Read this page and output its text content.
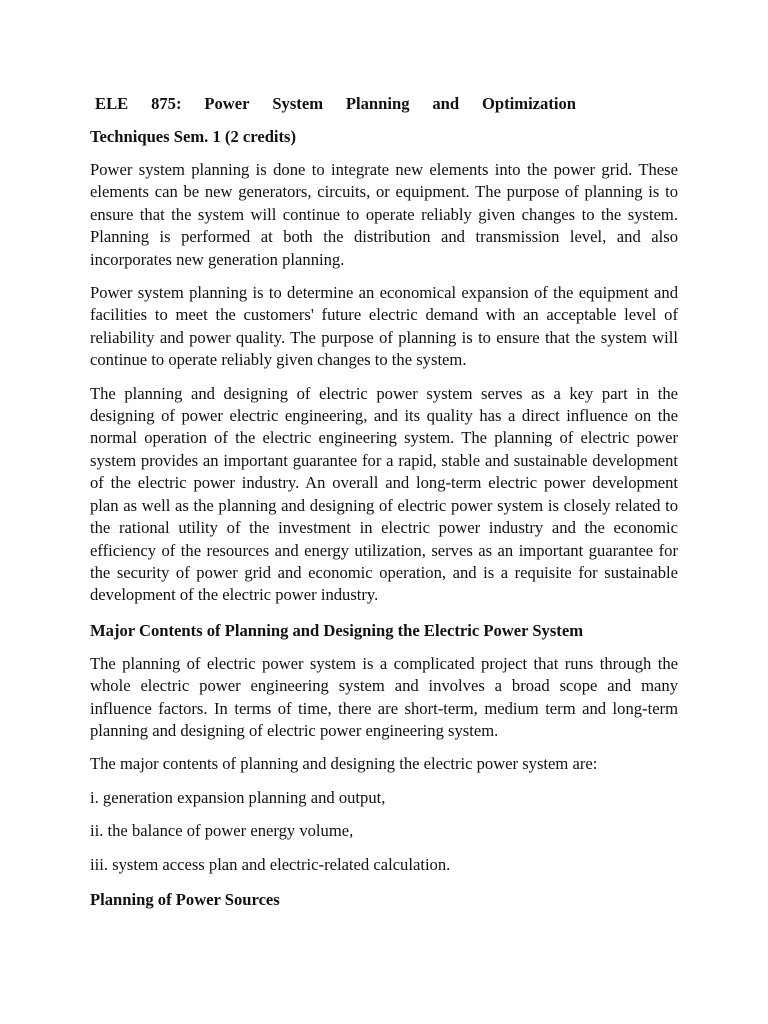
ELE 875: Power System Planning and Optimization
Techniques Sem. 1 (2 credits)

Power system planning is done to integrate new elements into the power grid. These elements can be new generators, circuits, or equipment. The purpose of planning is to ensure that the system will continue to operate reliably given changes to the system. Planning is performed at both the distribution and transmission level, and also incorporates new generation planning.

Power system planning is to determine an economical expansion of the equipment and facilities to meet the customers' future electric demand with an acceptable level of reliability and power quality. The purpose of planning is to ensure that the system will continue to operate reliably given changes to the system.

The planning and designing of electric power system serves as a key part in the designing of power electric engineering, and its quality has a direct influence on the normal operation of the electric engineering system. The planning of electric power system provides an important guarantee for a rapid, stable and sustainable development of the electric power industry. An overall and long-term electric power development plan as well as the planning and designing of electric power system is closely related to the rational utility of the investment in electric power industry and the economic efficiency of the resources and energy utilization, serves as an important guarantee for the security of power grid and economic operation, and is a requisite for sustainable development of the electric power industry.

Major Contents of Planning and Designing the Electric Power System

The planning of electric power system is a complicated project that runs through the whole electric power engineering system and involves a broad scope and many influence factors. In terms of time, there are short-term, medium term and long-term planning and designing of electric power engineering system.

The major contents of planning and designing the electric power system are:

i. generation expansion planning and output,

ii. the balance of power energy volume,

iii. system access plan and electric-related calculation.

Planning of Power Sources
